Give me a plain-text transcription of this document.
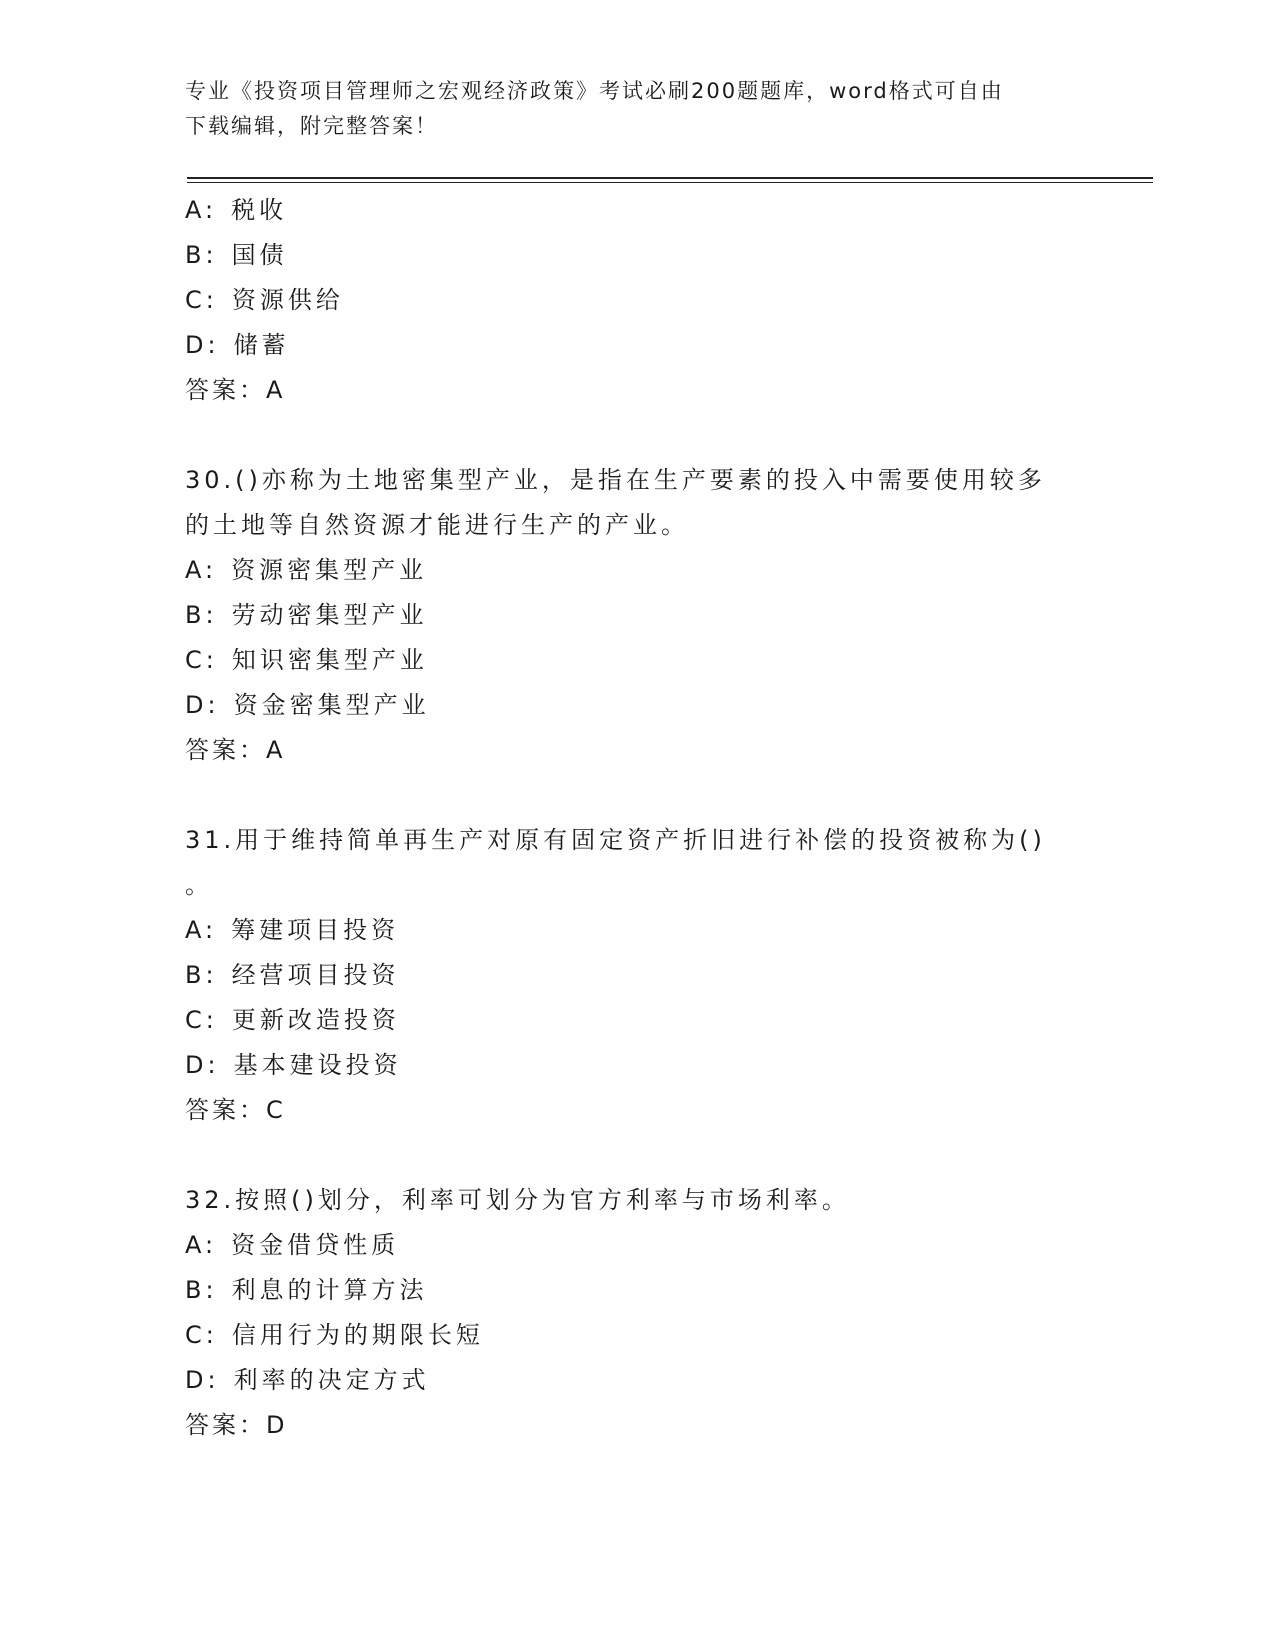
专业《投资项目管理师之宏观经济政策》考试必刷200题题库，word格式可自由
下载编辑，附完整答案！
A: 税收
B: 国债
C: 资源供给
D: 储蓄
答案：A
30.()亦称为土地密集型产业，是指在生产要素的投入中需要使用较多
的土地等自然资源才能进行生产的产业。
A: 资源密集型产业
B: 劳动密集型产业
C: 知识密集型产业
D: 资金密集型产业
答案：A
31.用于维持简单再生产对原有固定资产折旧进行补偿的投资被称为()
。
A: 筹建项目投资
B: 经营项目投资
C: 更新改造投资
D: 基本建设投资
答案：C
32.按照()划分，利率可划分为官方利率与市场利率。
A: 资金借贷性质
B: 利息的计算方法
C: 信用行为的期限长短
D: 利率的决定方式
答案：D
